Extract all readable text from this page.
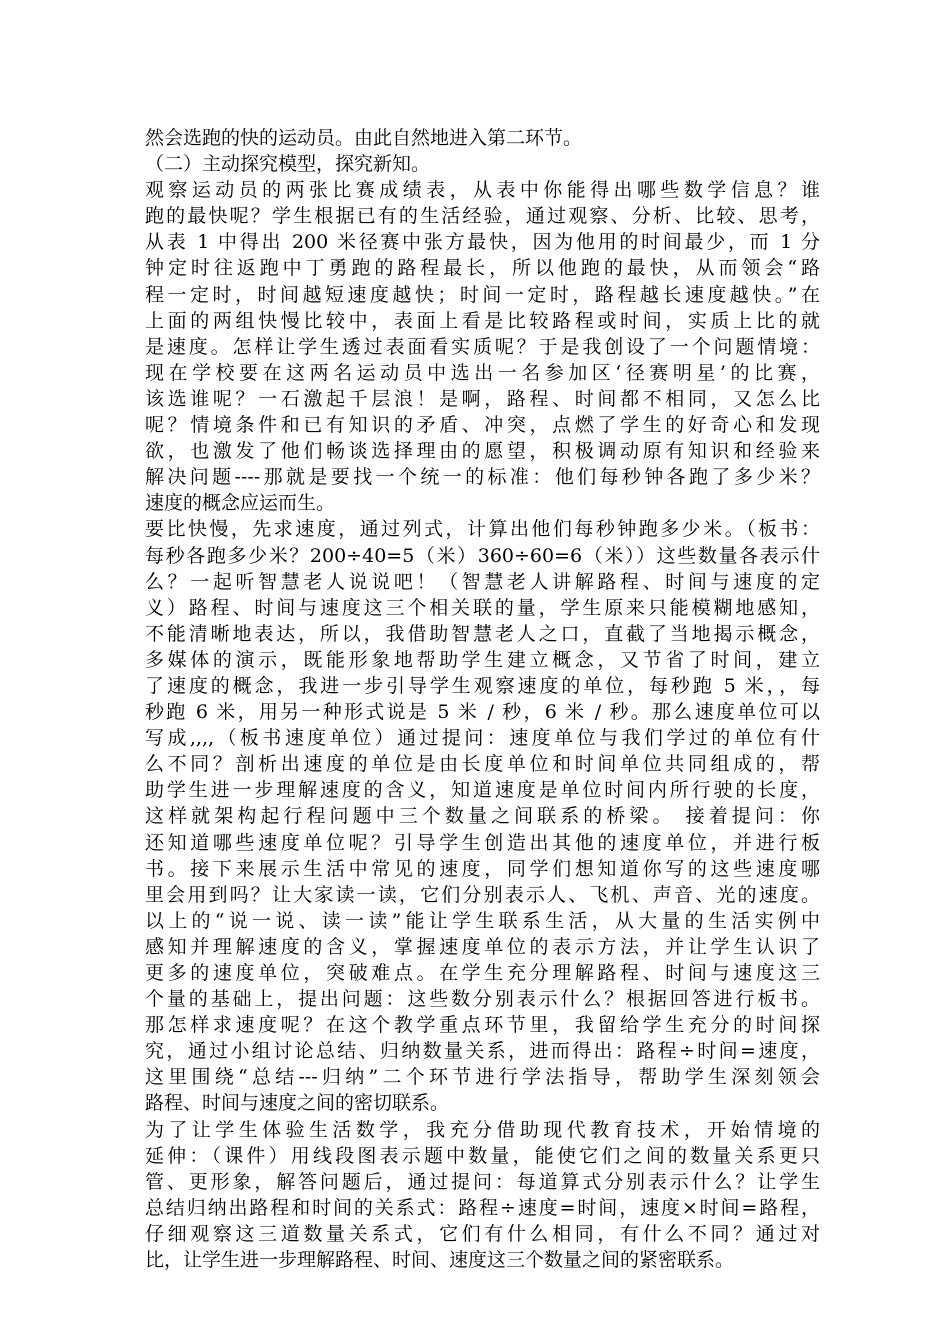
然会选跑的快的运动员。由此自然地进入第二环节。
（二）主动探究模型，探究新知。
观察运动员的两张比赛成绩表，从表中你能得出哪些数学信息？谁
跑的最快呢？学生根据已有的生活经验，通过观察、分析、比较、思考，
从表 1 中得出 200 米径赛中张方最快，因为他用的时间最少，而 1 分
钟定时往返跑中丁勇跑的路程最长，所以他跑的最快，从而领会“路
程一定时，时间越短速度越快；时间一定时，路程越长速度越快。”在
上面的两组快慢比较中，表面上看是比较路程或时间，实质上比的就
是速度。怎样让学生透过表面看实质呢？于是我创设了一个问题情境：
现在学校要在这两名运动员中选出一名参加区‘径赛明星’的比赛，
该选谁呢？一石激起千层浪！是啊，路程、时间都不相同，又怎么比
呢？情境条件和已有知识的矛盾、冲突，点燃了学生的好奇心和发现
欲，也激发了他们畅谈选择理由的愿望，积极调动原有知识和经验来
解决问题----那就是要找一个统一的标准：他们每秒钟各跑了多少米？
速度的概念应运而生。
要比快慢，先求速度，通过列式，计算出他们每秒钟跑多少米。（板书：
每秒各跑多少米？200÷40=5（米）360÷60=6（米））这些数量各表示什
么？一起听智慧老人说说吧！（智慧老人讲解路程、时间与速度的定
义）路程、时间与速度这三个相关联的量，学生原来只能模糊地感知，
不能清晰地表达，所以，我借助智慧老人之口，直截了当地揭示概念，
多媒体的演示，既能形象地帮助学生建立概念，又节省了时间，建立
了速度的概念，我进一步引导学生观察速度的单位，每秒跑 5 米，，每
秒跑 6 米，用另一种形式说是 5 米 / 秒，6 米 / 秒。那么速度单位可以
写成,,,,（板书速度单位）通过提问：速度单位与我们学过的单位有什
么不同？剖析出速度的单位是由长度单位和时间单位共同组成的，帮
助学生进一步理解速度的含义，知道速度是单位时间内所行驶的长度，
这样就架构起行程问题中三个数量之间联系的桥梁。 接着提问：你
还知道哪些速度单位呢？引导学生创造出其他的速度单位，并进行板
书。接下来展示生活中常见的速度，同学们想知道你写的这些速度哪
里会用到吗？让大家读一读，它们分别表示人、飞机、声音、光的速度。
以上的“说一说、读一读”能让学生联系生活，从大量的生活实例中
感知并理解速度的含义，掌握速度单位的表示方法，并让学生认识了
更多的速度单位，突破难点。在学生充分理解路程、时间与速度这三
个量的基础上，提出问题：这些数分别表示什么？根据回答进行板书。
那怎样求速度呢？在这个教学重点环节里，我留给学生充分的时间探
究，通过小组讨论总结、归纳数量关系，进而得出：路程÷时间=速度，
这里围绕“总结---归纳”二个环节进行学法指导，帮助学生深刻领会
路程、时间与速度之间的密切联系。
为了让学生体验生活数学，我充分借助现代教育技术，开始情境的
延伸：（课件）用线段图表示题中数量，能使它们之间的数量关系更只
管、更形象，解答问题后，通过提问：每道算式分别表示什么？让学生
总结归纳出路程和时间的关系式：路程÷速度=时间，速度×时间=路程，
仔细观察这三道数量关系式，它们有什么相同，有什么不同？通过对
比，让学生进一步理解路程、时间、速度这三个数量之间的紧密联系。
